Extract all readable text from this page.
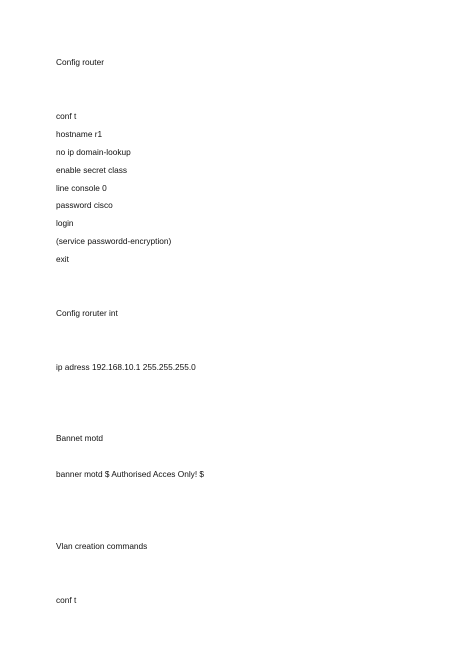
Config router

conf t

hostname r1

no ip domain-lookup

enable secret class

line console 0

password cisco

login

(service passwordd-encryption)

exit

Config roruter int

ip adress 192.168.10.1 255.255.255.0

Bannet motd

banner motd $ Authorised Acces Only! $

Vlan creation commands

conf t
